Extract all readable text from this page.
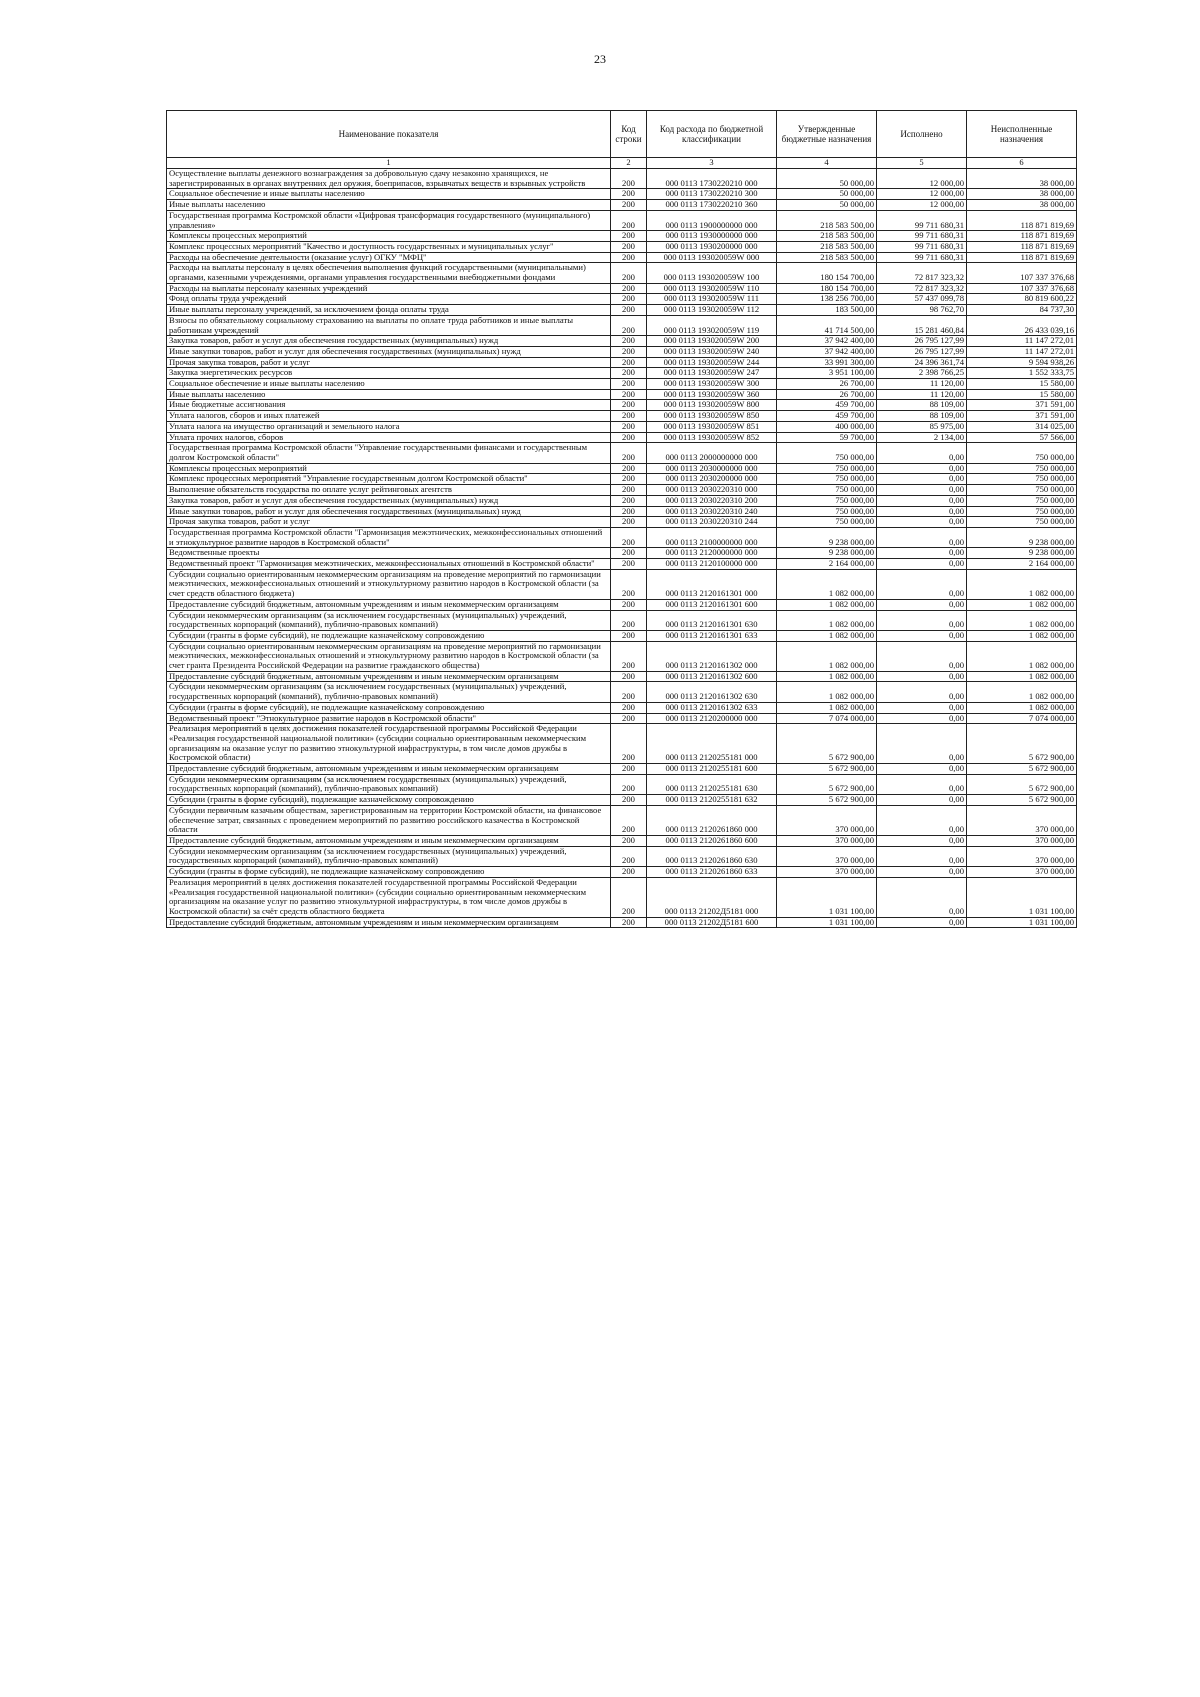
23
Наименование показателя	Код строки	Код расхода по бюджетной классификации	Утвержденные бюджетные назначения	Исполнено	Неисполненные назначения
1	2	3	4	5	6
Осуществление выплаты денежного вознаграждения за добровольную сдачу незаконно хранящихся, не зарегистрированных в органах внутренних дел оружия, боеприпасов, взрывчатых веществ и взрывных устройств	200	000 0113 1730220210 000	50 000,00	12 000,00	38 000,00
Социальное обеспечение и иные выплаты населению	200	000 0113 1730220210 300	50 000,00	12 000,00	38 000,00
Иные выплаты населению	200	000 0113 1730220210 360	50 000,00	12 000,00	38 000,00
Государственная программа Костромской области «Цифровая трансформация государственного (муниципального) управления»	200	000 0113 1900000000 000	218 583 500,00	99 711 680,31	118 871 819,69
Комплексы процессных мероприятий	200	000 0113 1930000000 000	218 583 500,00	99 711 680,31	118 871 819,69
Комплекс процессных мероприятий "Качество и доступность государственных и муниципальных услуг"	200	000 0113 1930200000 000	218 583 500,00	99 711 680,31	118 871 819,69
Расходы на обеспечение деятельности (оказание услуг) ОГКУ "МФЦ"	200	000 0113 193020059W 000	218 583 500,00	99 711 680,31	118 871 819,69
Расходы на выплаты персоналу в целях обеспечения выполнения функций государственными (муниципальными) органами, казенными учреждениями, органами управления государственными внебюджетными фондами	200	000 0113 193020059W 100	180 154 700,00	72 817 323,32	107 337 376,68
Расходы на выплаты персоналу казенных учреждений	200	000 0113 193020059W 110	180 154 700,00	72 817 323,32	107 337 376,68
Фонд оплаты труда учреждений	200	000 0113 193020059W 111	138 256 700,00	57 437 099,78	80 819 600,22
Иные выплаты персоналу учреждений, за исключением фонда оплаты труда	200	000 0113 193020059W 112	183 500,00	98 762,70	84 737,30
Взносы по обязательному социальному страхованию на выплаты по оплате труда работников и иные выплаты работникам учреждений	200	000 0113 193020059W 119	41 714 500,00	15 281 460,84	26 433 039,16
Закупка товаров, работ и услуг для обеспечения государственных (муниципальных) нужд	200	000 0113 193020059W 200	37 942 400,00	26 795 127,99	11 147 272,01
Иные закупки товаров, работ и услуг для обеспечения государственных (муниципальных) нужд	200	000 0113 193020059W 240	37 942 400,00	26 795 127,99	11 147 272,01
Прочая закупка товаров, работ и услуг	200	000 0113 193020059W 244	33 991 300,00	24 396 361,74	9 594 938,26
Закупка энергетических ресурсов	200	000 0113 193020059W 247	3 951 100,00	2 398 766,25	1 552 333,75
Социальное обеспечение и иные выплаты населению	200	000 0113 193020059W 300	26 700,00	11 120,00	15 580,00
Иные выплаты населению	200	000 0113 193020059W 360	26 700,00	11 120,00	15 580,00
Иные бюджетные ассигнования	200	000 0113 193020059W 800	459 700,00	88 109,00	371 591,00
Уплата налогов, сборов и иных платежей	200	000 0113 193020059W 850	459 700,00	88 109,00	371 591,00
Уплата налога на имущество организаций и земельного налога	200	000 0113 193020059W 851	400 000,00	85 975,00	314 025,00
Уплата прочих налогов, сборов	200	000 0113 193020059W 852	59 700,00	2 134,00	57 566,00
Государственная программа Костромской области "Управление государственными финансами и государственным долгом Костромской области"	200	000 0113 2000000000 000	750 000,00	0,00	750 000,00
Комплексы процессных мероприятий	200	000 0113 2030000000 000	750 000,00	0,00	750 000,00
Комплекс процессных мероприятий "Управление государственным долгом Костромской области"	200	000 0113 2030200000 000	750 000,00	0,00	750 000,00
Выполнение обязательств государства по оплате услуг рейтинговых агентств	200	000 0113 2030220310 000	750 000,00	0,00	750 000,00
Закупка товаров, работ и услуг для обеспечения государственных (муниципальных) нужд	200	000 0113 2030220310 200	750 000,00	0,00	750 000,00
Иные закупки товаров, работ и услуг для обеспечения государственных (муниципальных) нужд	200	000 0113 2030220310 240	750 000,00	0,00	750 000,00
Прочая закупка товаров, работ и услуг	200	000 0113 2030220310 244	750 000,00	0,00	750 000,00
Государственная программа Костромской области "Гармонизация межэтнических, межконфессиональных отношений и этнокультурное развитие народов в Костромской области"	200	000 0113 2100000000 000	9 238 000,00	0,00	9 238 000,00
Ведомственные проекты	200	000 0113 2120000000 000	9 238 000,00	0,00	9 238 000,00
Ведомственный проект "Гармонизация межэтнических, межконфессиональных отношений в Костромской области"	200	000 0113 2120100000 000	2 164 000,00	0,00	2 164 000,00
Субсидии социально ориентированным некоммерческим организациям на проведение мероприятий по гармонизации межэтнических, межконфессиональных отношений и этнокультурному развитию народов в Костромской области (за счет средств областного бюджета)	200	000 0113 2120161301 000	1 082 000,00	0,00	1 082 000,00
Предоставление субсидий бюджетным, автономным учреждениям и иным некоммерческим организациям	200	000 0113 2120161301 600	1 082 000,00	0,00	1 082 000,00
Субсидии некоммерческим организациям (за исключением государственных (муниципальных) учреждений, государственных корпораций (компаний), публично-правовых компаний)	200	000 0113 2120161301 630	1 082 000,00	0,00	1 082 000,00
Субсидии (гранты в форме субсидий), не подлежащие казначейскому сопровождению	200	000 0113 2120161301 633	1 082 000,00	0,00	1 082 000,00
Субсидии социально ориентированным некоммерческим организациям на проведение мероприятий по гармонизации межэтнических, межконфессиональных отношений и этнокультурному развитию народов в Костромской области (за счет гранта Президента Российской Федерации на развитие гражданского общества)	200	000 0113 2120161302 000	1 082 000,00	0,00	1 082 000,00
Предоставление субсидий бюджетным, автономным учреждениям и иным некоммерческим организациям	200	000 0113 2120161302 600	1 082 000,00	0,00	1 082 000,00
Субсидии некоммерческим организациям (за исключением государственных (муниципальных) учреждений, государственных корпораций (компаний), публично-правовых компаний)	200	000 0113 2120161302 630	1 082 000,00	0,00	1 082 000,00
Субсидии (гранты в форме субсидий), не подлежащие казначейскому сопровождению	200	000 0113 2120161302 633	1 082 000,00	0,00	1 082 000,00
Ведомственный проект "Этнокультурное развитие народов в Костромской области"	200	000 0113 2120200000 000	7 074 000,00	0,00	7 074 000,00
Реализация мероприятий в целях достижения показателей государственной программы Российской Федерации «Реализация государственной национальной политики» (субсидии социально ориентированным некоммерческим организациям на оказание услуг по развитию этнокультурной инфраструктуры, в том числе домов дружбы в Костромской области)	200	000 0113 2120255181 000	5 672 900,00	0,00	5 672 900,00
Предоставление субсидий бюджетным, автономным учреждениям и иным некоммерческим организациям	200	000 0113 2120255181 600	5 672 900,00	0,00	5 672 900,00
Субсидии некоммерческим организациям (за исключением государственных (муниципальных) учреждений, государственных корпораций (компаний), публично-правовых компаний)	200	000 0113 2120255181 630	5 672 900,00	0,00	5 672 900,00
Субсидии (гранты в форме субсидий), подлежащие казначейскому сопровождению	200	000 0113 2120255181 632	5 672 900,00	0,00	5 672 900,00
Субсидии первичным казачьим обществам, зарегистрированным на территории Костромской области, на финансовое обеспечение затрат, связанных с проведением мероприятий по развитию российского казачества в Костромской области	200	000 0113 2120261860 000	370 000,00	0,00	370 000,00
Предоставление субсидий бюджетным, автономным учреждениям и иным некоммерческим организациям	200	000 0113 2120261860 600	370 000,00	0,00	370 000,00
Субсидии некоммерческим организациям (за исключением государственных (муниципальных) учреждений, государственных корпораций (компаний), публично-правовых компаний)	200	000 0113 2120261860 630	370 000,00	0,00	370 000,00
Субсидии (гранты в форме субсидий), не подлежащие казначейскому сопровождению	200	000 0113 2120261860 633	370 000,00	0,00	370 000,00
Реализация мероприятий в целях достижения показателей государственной программы Российской Федерации «Реализация государственной национальной политики» (субсидии социально ориентированным некоммерческим организациям на оказание услуг по развитию этнокультурной инфраструктуры, в том числе домов дружбы в Костромской области) за счёт средств областного бюджета	200	000 0113 21202Д5181 000	1 031 100,00	0,00	1 031 100,00
Предоставление субсидий бюджетным, автономным учреждениям и иным некоммерческим организациям	200	000 0113 21202Д5181 600	1 031 100,00	0,00	1 031 100,00
